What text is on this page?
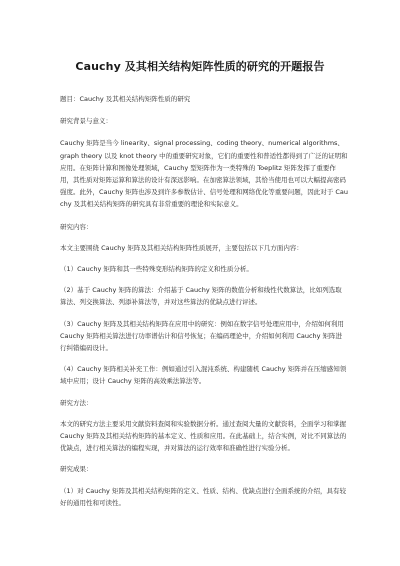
Cauchy 及其相关结构矩阵性质的研究的开题报告

题目：Cauchy 及其相关结构矩阵性质的研究

研究背景与意义：

Cauchy 矩阵是当今 linearity、signal processing、coding theory、numerical algorithms、graph theory 以及 knot theory 中的重要研究对象，它们的重要性和普适性都得到了广泛的证明和应用。在矩阵计算和图像处理领域，Cauchy 型矩阵作为一类特殊的 Toeplitz 矩阵发挥了重要作用，其性质对矩阵运算和算法的设计有深远影响。在加密算法领域，其恰当使用也可以大幅提高密码强度。此外，Cauchy 矩阵也涉及到许多参数估计、信号处理和网络优化等重要问题，因此对于 Cauchy 及其相关结构矩阵的研究具有非常重要的理论和实际意义。

研究内容：

本文主要围绕 Cauchy 矩阵及其相关结构矩阵性质展开，主要包括以下几方面内容：

（1）Cauchy 矩阵和其一些特殊变形结构矩阵的定义和性质分析。

（2）基于 Cauchy 矩阵的算法：介绍基于 Cauchy 矩阵的数值分析和线性代数算法，比如列选取算法、列交换算法、列添补算法等，并对这些算法的优缺点进行评述。

（3）Cauchy 矩阵及其相关结构矩阵在应用中的研究：例如在数字信号处理应用中，介绍如何利用 Cauchy 矩阵相关算法进行功率谱估计和信号恢复；在编码理论中，介绍如何利用 Cauchy 矩阵进行纠错编码设计。

（4）Cauchy 矩阵相关补充工作：例如通过引入混沌系统、构建随机 Cauchy 矩阵并在压缩感知领域中应用；设计 Cauchy 矩阵的高效乘法算法等。

研究方法：

本文的研究方法主要采用文献资料查阅和实验数据分析。通过查阅大量的文献资料，全面学习和掌握 Cauchy 矩阵及其相关结构矩阵的基本定义、性质和应用。在此基础上，结合实例，对比不同算法的优缺点，进行相关算法的编程实现，并对算法的运行效率和准确性进行实验分析。

研究成果：

（1）对 Cauchy 矩阵及其相关结构矩阵的定义、性质、结构、优缺点进行全面系统的介绍，具有较好的通用性和可读性。
